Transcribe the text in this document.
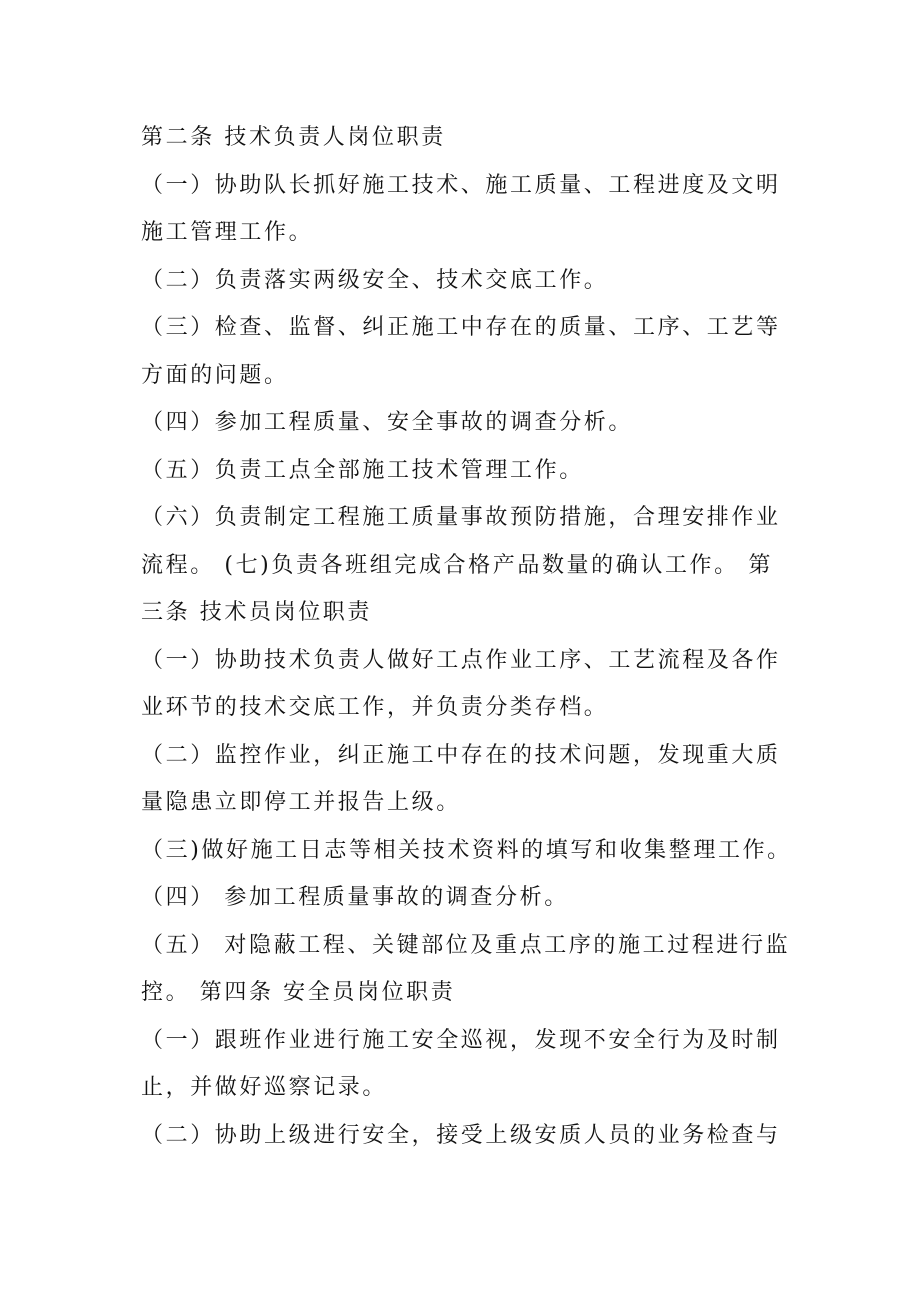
第二条 技术负责人岗位职责
（一）协助队长抓好施工技术、施工质量、工程进度及文明
施工管理工作。
（二）负责落实两级安全、技术交底工作。
（三）检查、监督、纠正施工中存在的质量、工序、工艺等
方面的问题。
（四）参加工程质量、安全事故的调查分析。
（五）负责工点全部施工技术管理工作。
（六）负责制定工程施工质量事故预防措施，合理安排作业
流程。 (七)负责各班组完成合格产品数量的确认工作。 第
三条 技术员岗位职责
（一）协助技术负责人做好工点作业工序、工艺流程及各作
业环节的技术交底工作，并负责分类存档。
（二）监控作业，纠正施工中存在的技术问题，发现重大质
量隐患立即停工并报告上级。
（三)做好施工日志等相关技术资料的填写和收集整理工作。
（四） 参加工程质量事故的调查分析。
（五） 对隐蔽工程、关键部位及重点工序的施工过程进行监
控。 第四条 安全员岗位职责
（一）跟班作业进行施工安全巡视，发现不安全行为及时制
止，并做好巡察记录。
（二）协助上级进行安全，接受上级安质人员的业务检查与
